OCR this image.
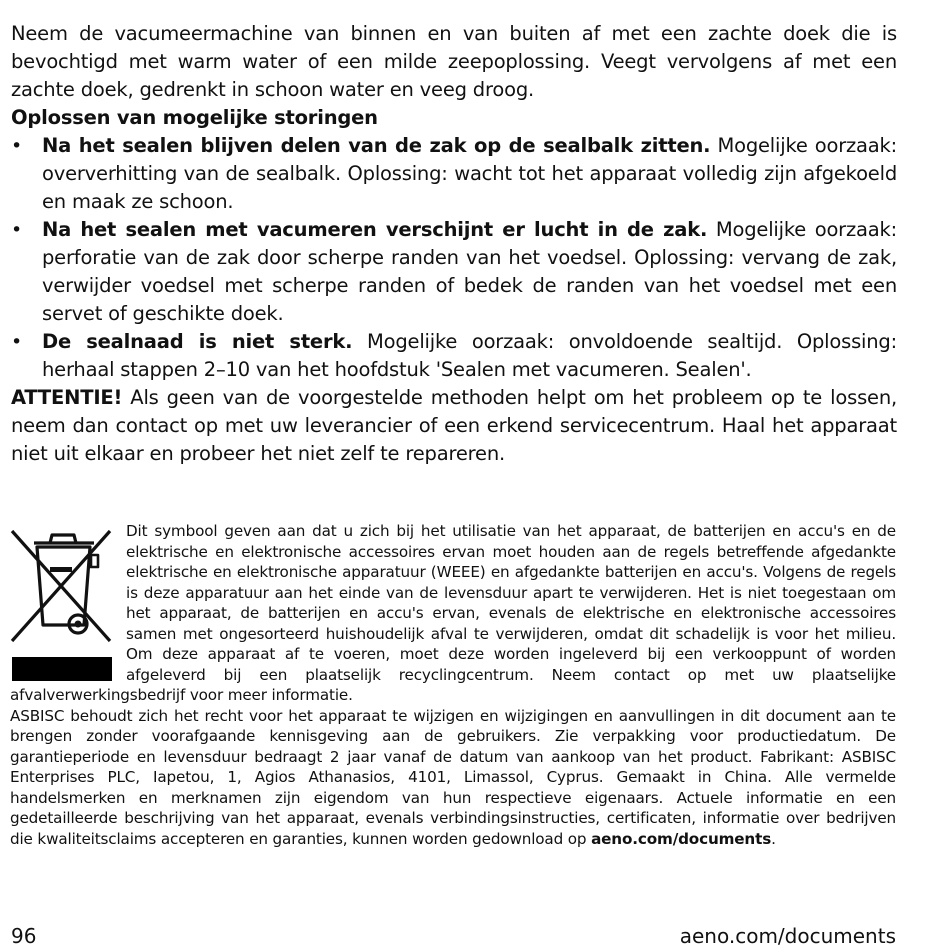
Neem de vacumeermachine van binnen en van buiten af met een zachte doek die is bevochtigd met warm water of een milde zeepoplossing. Veegt vervolgens af met een zachte doek, gedrenkt in schoon water en veeg droog.

Oplossen van mogelijke storingen

•	Na het sealen blijven delen van de zak op de sealbalk zitten. Mogelijke oorzaak: oververhitting van de sealbalk. Oplossing: wacht tot het apparaat volledig zijn afgekoeld en maak ze schoon.
•	Na het sealen met vacumeren verschijnt er lucht in de zak. Mogelijke oorzaak: perforatie van de zak door scherpe randen van het voedsel. Oplossing: vervang de zak, verwijder voedsel met scherpe randen of bedek de randen van het voedsel met een servet of geschikte doek.
•	De sealnaad is niet sterk. Mogelijke oorzaak: onvoldoende sealtijd. Oplossing: herhaal stappen 2–10 van het hoofdstuk 'Sealen met vacumeren. Sealen'.

ATTENTIE! Als geen van de voorgestelde methoden helpt om het probleem op te lossen, neem dan contact op met uw leverancier of een erkend servicecentrum. Haal het apparaat niet uit elkaar en probeer het niet zelf te repareren.

Dit symbool geven aan dat u zich bij het utilisatie van het apparaat, de batterijen en accu's en de elektrische en elektronische accessoires ervan moet houden aan de regels betreffende afgedankte elektrische en elektronische apparatuur (WEEE) en afgedankte batterijen en accu's. Volgens de regels is deze apparatuur aan het einde van de levensduur apart te verwijderen. Het is niet toegestaan om het apparaat, de batterijen en accu's ervan, evenals de elektrische en elektronische accessoires samen met ongesorteerd huishoudelijk afval te verwijderen, omdat dit schadelijk is voor het milieu. Om deze apparaat af te voeren, moet deze worden ingeleverd bij een verkooppunt of worden afgeleverd bij een plaatselijk recyclingcentrum. Neem contact op met uw plaatselijke afvalverwerkingsbedrijf voor meer informatie.

ASBISC behoudt zich het recht voor het apparaat te wijzigen en wijzigingen en aanvullingen in dit document aan te brengen zonder voorafgaande kennisgeving aan de gebruikers. Zie verpakking voor productiedatum. De garantieperiode en levensduur bedraagt 2 jaar vanaf de datum van aankoop van het product. Fabrikant: ASBISC Enterprises PLC, Iapetou, 1, Agios Athanasios, 4101, Limassol, Cyprus. Gemaakt in China. Alle vermelde handelsmerken en merknamen zijn eigendom van hun respectieve eigenaars. Actuele informatie en een gedetailleerde beschrijving van het apparaat, evenals verbindingsinstructies, certificaten, informatie over bedrijven die kwaliteitsclaims accepteren en garanties, kunnen worden gedownload op aeno.com/documents.

96	aeno.com/documents
